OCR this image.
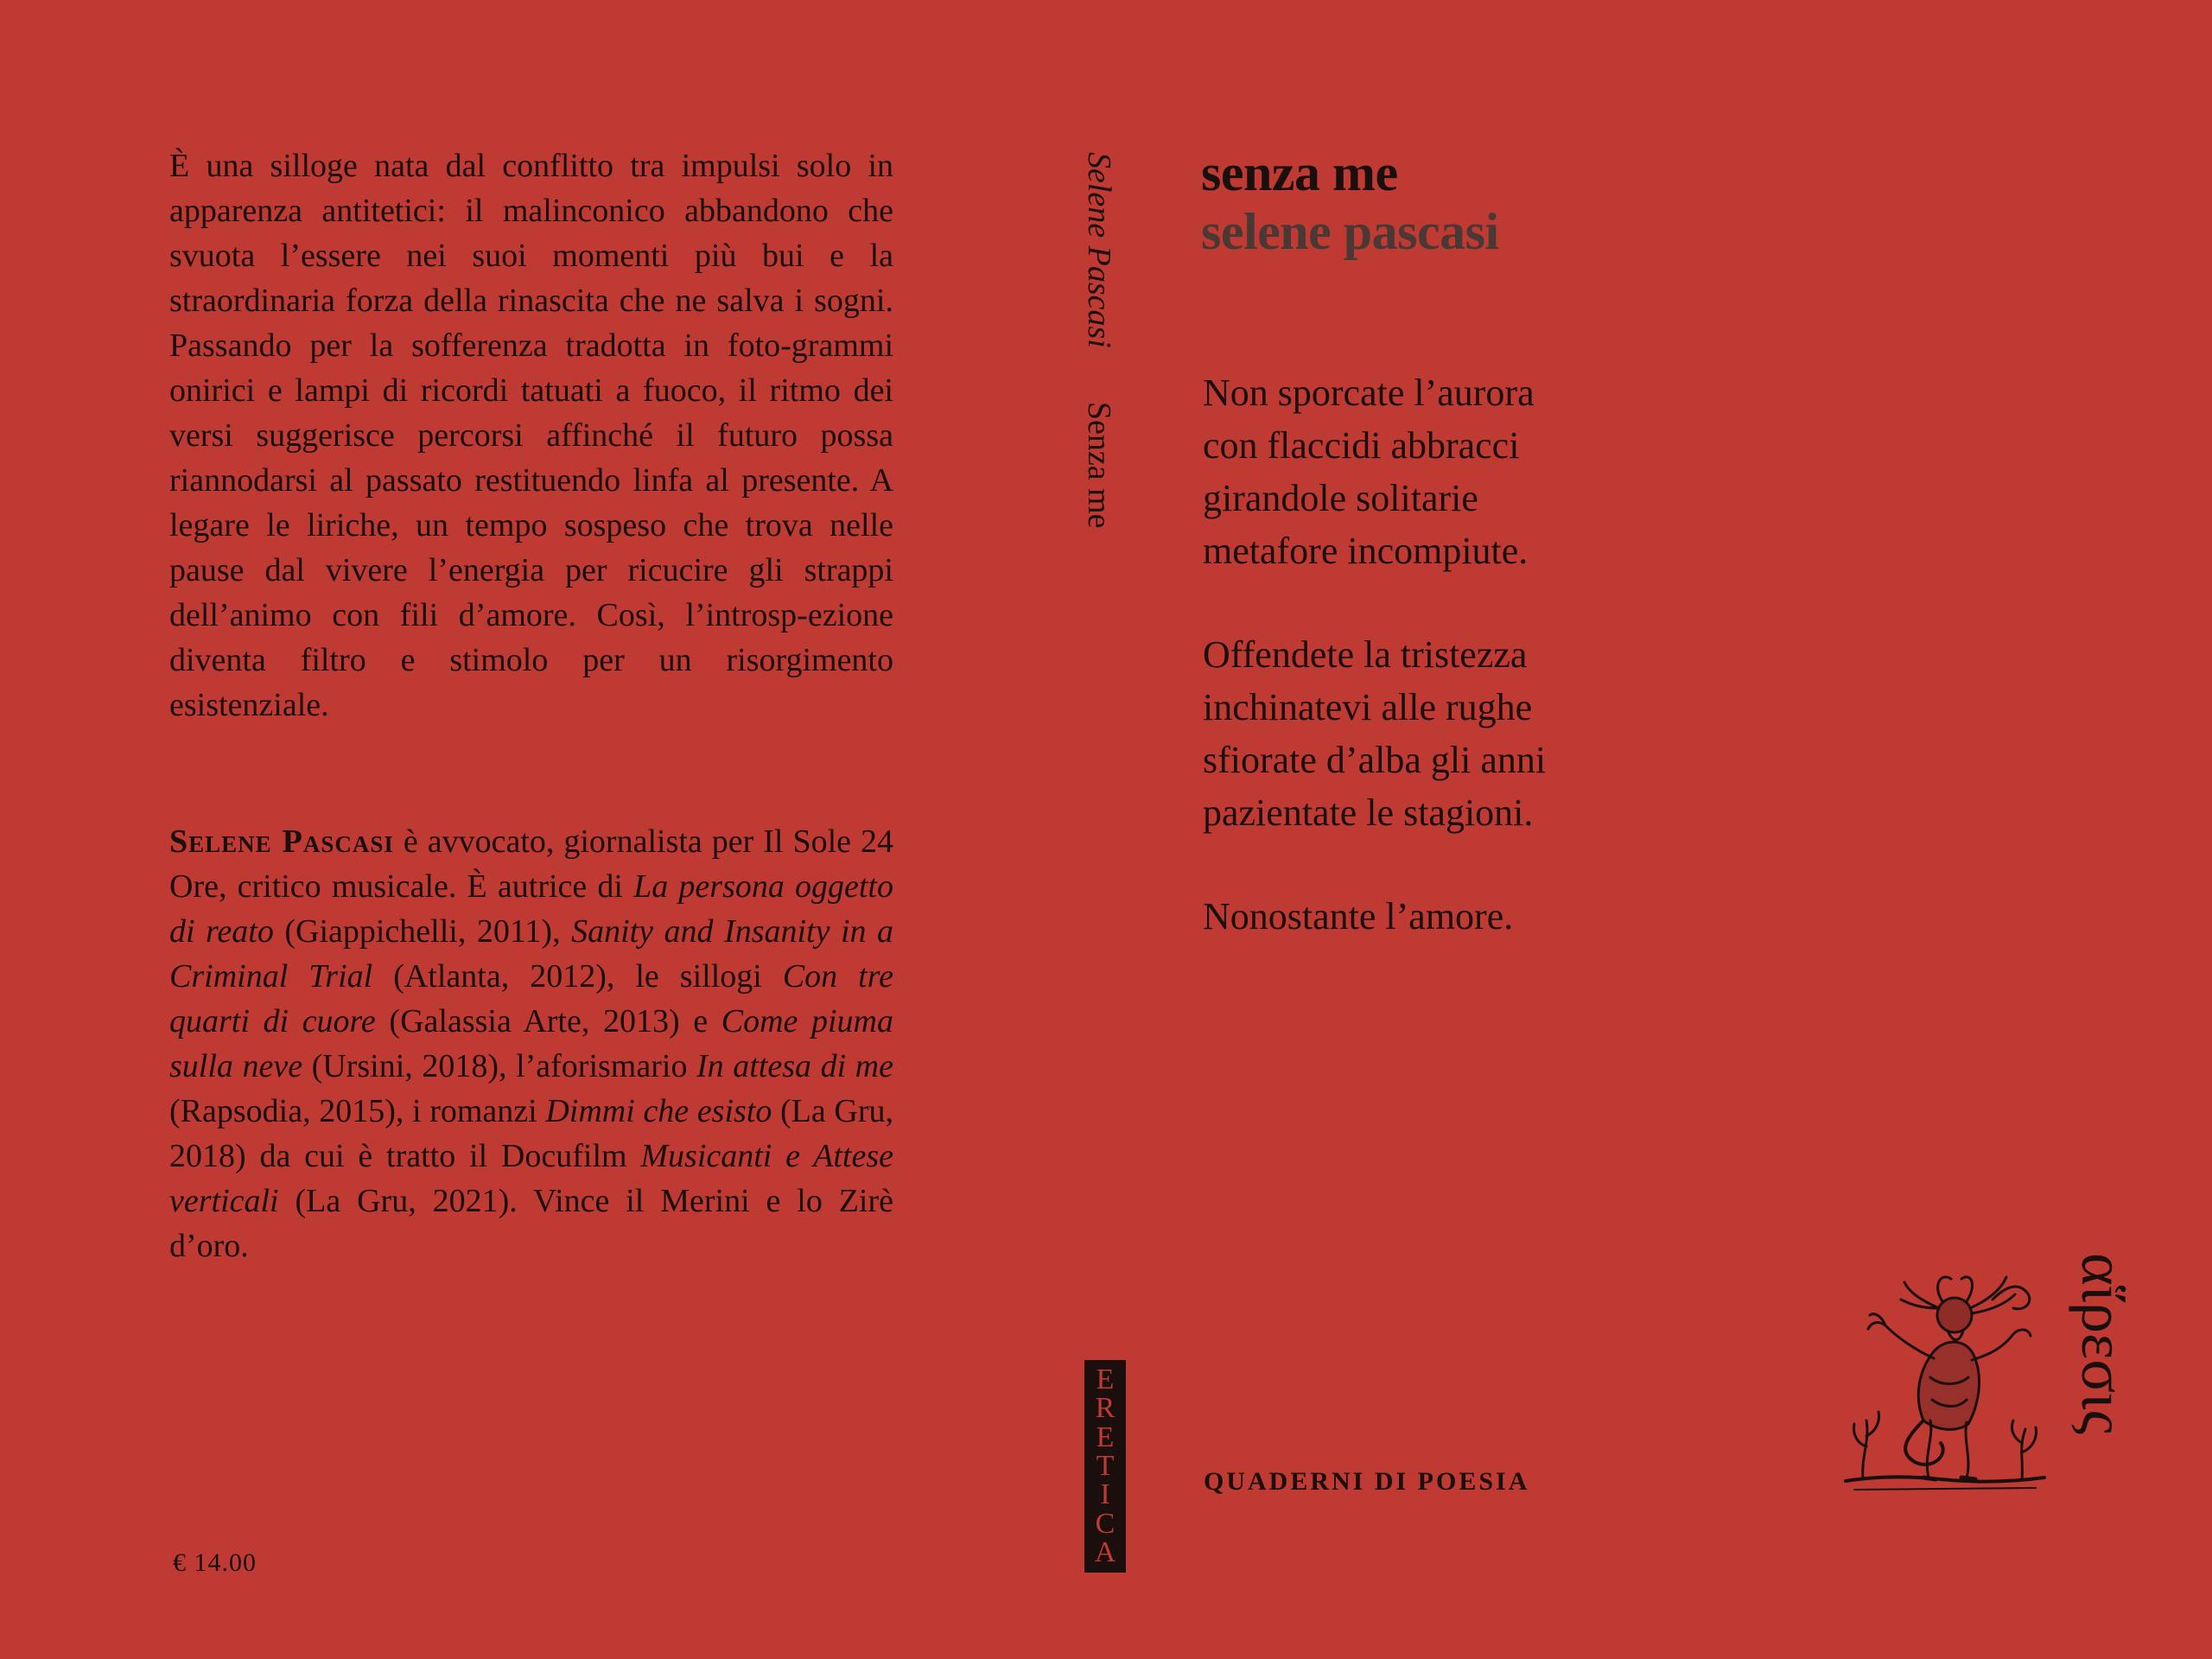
È una silloge nata dal conflitto tra impulsi solo in apparenza antitetici: il malinconico abbandono che svuota l’essere nei suoi momenti più bui e la straordinaria forza della rinascita che ne salva i sogni. Passando per la sofferenza tradotta in foto-grammi onirici e lampi di ricordi tatuati a fuoco, il ritmo dei versi suggerisce percorsi affinché il futuro possa riannodarsi al passato restituendo linfa al presente. A legare le liriche, un tempo sospeso che trova nelle pause dal vivere l’energia per ricucire gli strappi dell’animo con fili d’amore. Così, l’introsp-ezione diventa filtro e stimolo per un risorgimento esistenziale.

Selene Pascasi è avvocato, giornalista per Il Sole 24 Ore, critico musicale. È autrice di La persona oggetto di reato (Giappichelli, 2011), Sanity and Insanity in a Criminal Trial (Atlanta, 2012), le sillogi Con tre quarti di cuore (Galassia Arte, 2013) e Come piuma sulla neve (Ursini, 2018), l’aforismario In attesa di me (Rapsodia, 2015), i romanzi Dimmi che esisto (La Gru, 2018) da cui è tratto il Docufilm Musicanti e Attese verticali (La Gru, 2021). Vince il Merini e lo Zirè d’oro.

€ 14.00
Selene PascasiSenza me
E
R
E
T
I
C
A
senza me
selene pascasi
Non sporcate l’aurora
con flaccidi abbracci
girandole solitarie
metafore incompiute.
Offendete la tristezza
inchinatevi alle rughe
sfiorate d’alba gli anni
pazientate le stagioni.
Nonostante l’amore.
QUADERNI DI POESIA
αἵρεσις
